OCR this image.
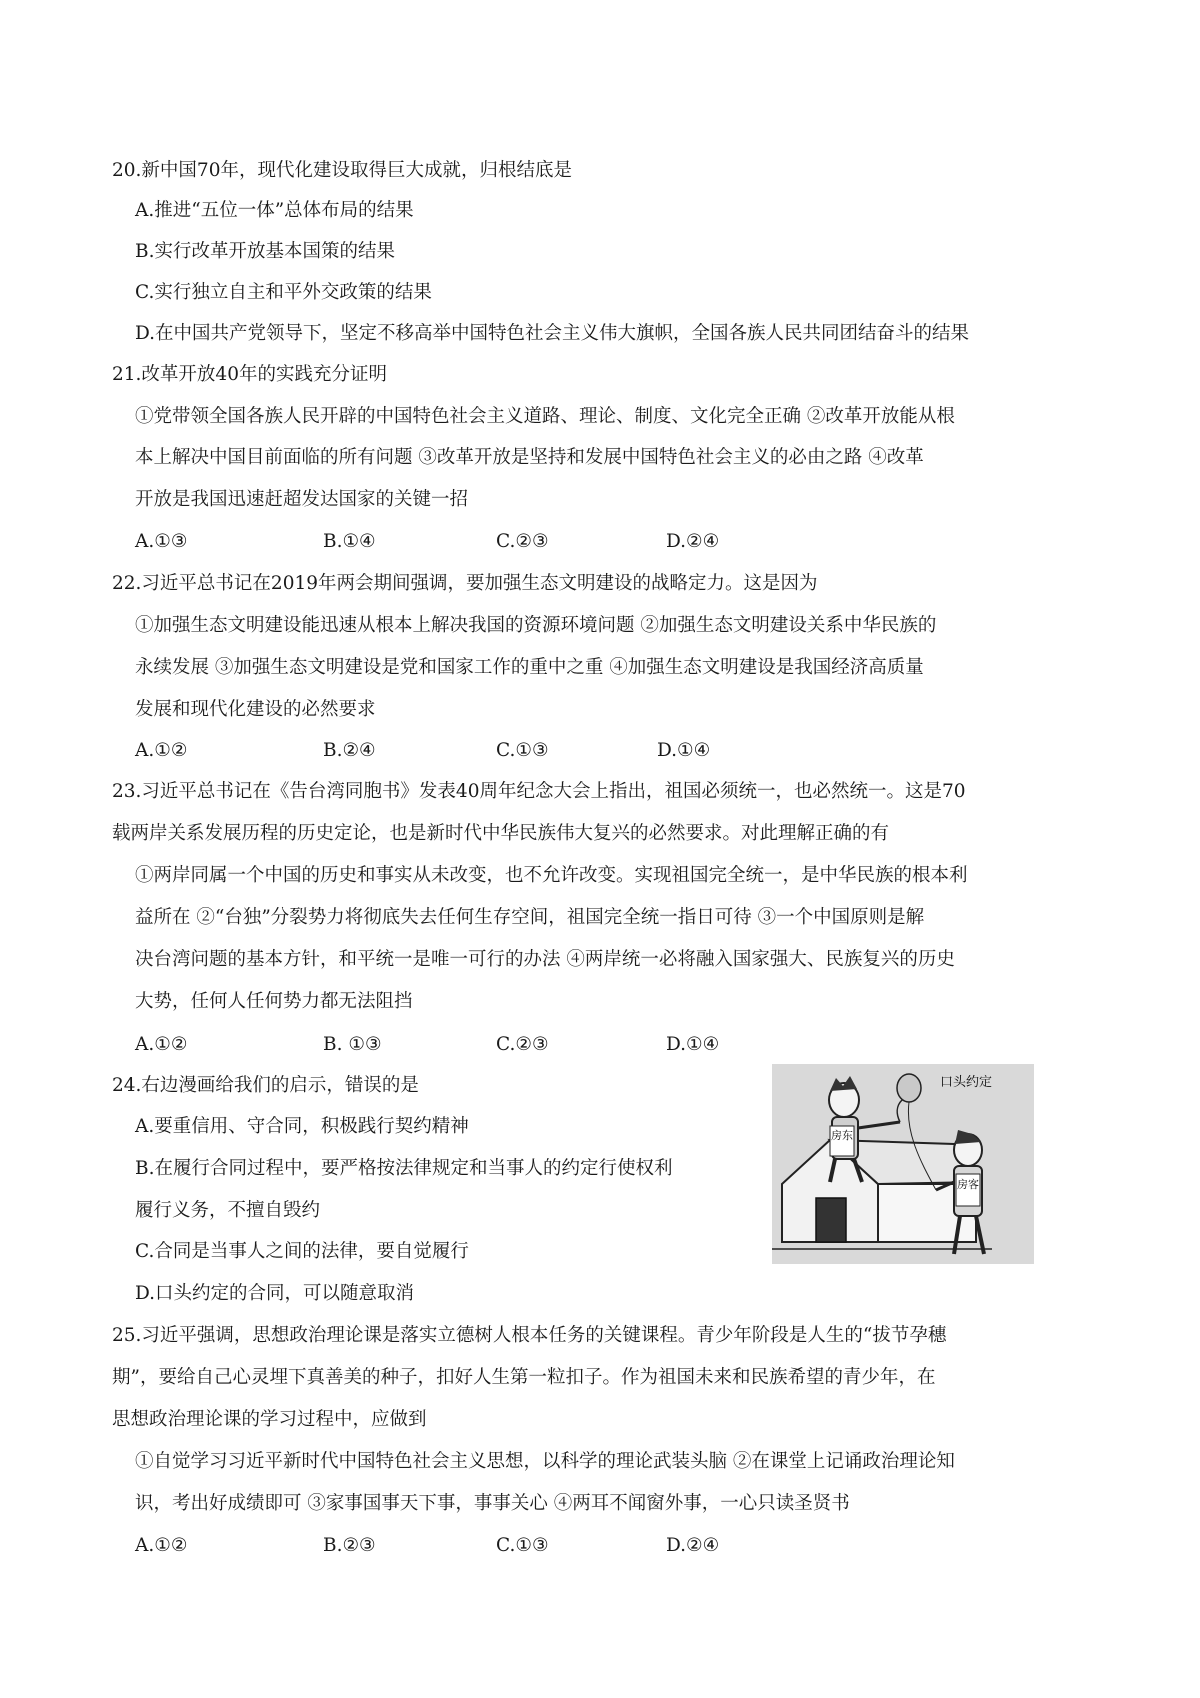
20.新中国70年，现代化建设取得巨大成就，归根结底是
A.推进“五位一体”总体布局的结果
B.实行改革开放基本国策的结果
C.实行独立自主和平外交政策的结果
D.在中国共产党领导下，坚定不移高举中国特色社会主义伟大旗帜，全国各族人民共同团结奋斗的结果
21.改革开放40年的实践充分证明
①党带领全国各族人民开辟的中国特色社会主义道路、理论、制度、文化完全正确 ②改革开放能从根
本上解决中国目前面临的所有问题 ③改革开放是坚持和发展中国特色社会主义的必由之路 ④改革
开放是我国迅速赶超发达国家的关键一招
A.①③	B.①④	C.②③	D.②④
22.习近平总书记在2019年两会期间强调，要加强生态文明建设的战略定力。这是因为
①加强生态文明建设能迅速从根本上解决我国的资源环境问题 ②加强生态文明建设关系中华民族的
永续发展 ③加强生态文明建设是党和国家工作的重中之重 ④加强生态文明建设是我国经济高质量
发展和现代化建设的必然要求
A.①②	B.②④	C.①③	D.①④
23.习近平总书记在《告台湾同胞书》发表40周年纪念大会上指出，祖国必须统一，也必然统一。这是70
载两岸关系发展历程的历史定论，也是新时代中华民族伟大复兴的必然要求。对此理解正确的有
①两岸同属一个中国的历史和事实从未改变，也不允许改变。实现祖国完全统一，是中华民族的根本利
益所在 ②“台独”分裂势力将彻底失去任何生存空间，祖国完全统一指日可待 ③一个中国原则是解
决台湾问题的基本方针，和平统一是唯一可行的办法 ④两岸统一必将融入国家强大、民族复兴的历史
大势，任何人任何势力都无法阻挡
A.①②	B. ①③	C.②③	D.①④
24.右边漫画给我们的启示，错误的是
A.要重信用、守合同，积极践行契约精神
B.在履行合同过程中，要严格按法律规定和当事人的约定行使权利
履行义务，不擅自毁约
C.合同是当事人之间的法律，要自觉履行
D.口头约定的合同，可以随意取消
房东
口头约定
房客
25.习近平强调，思想政治理论课是落实立德树人根本任务的关键课程。青少年阶段是人生的“拔节孕穗
期”，要给自己心灵埋下真善美的种子，扣好人生第一粒扣子。作为祖国未来和民族希望的青少年，在
思想政治理论课的学习过程中，应做到
①自觉学习习近平新时代中国特色社会主义思想，以科学的理论武装头脑 ②在课堂上记诵政治理论知
识，考出好成绩即可 ③家事国事天下事，事事关心 ④两耳不闻窗外事，一心只读圣贤书
A.①②	B.②③	C.①③	D.②④
